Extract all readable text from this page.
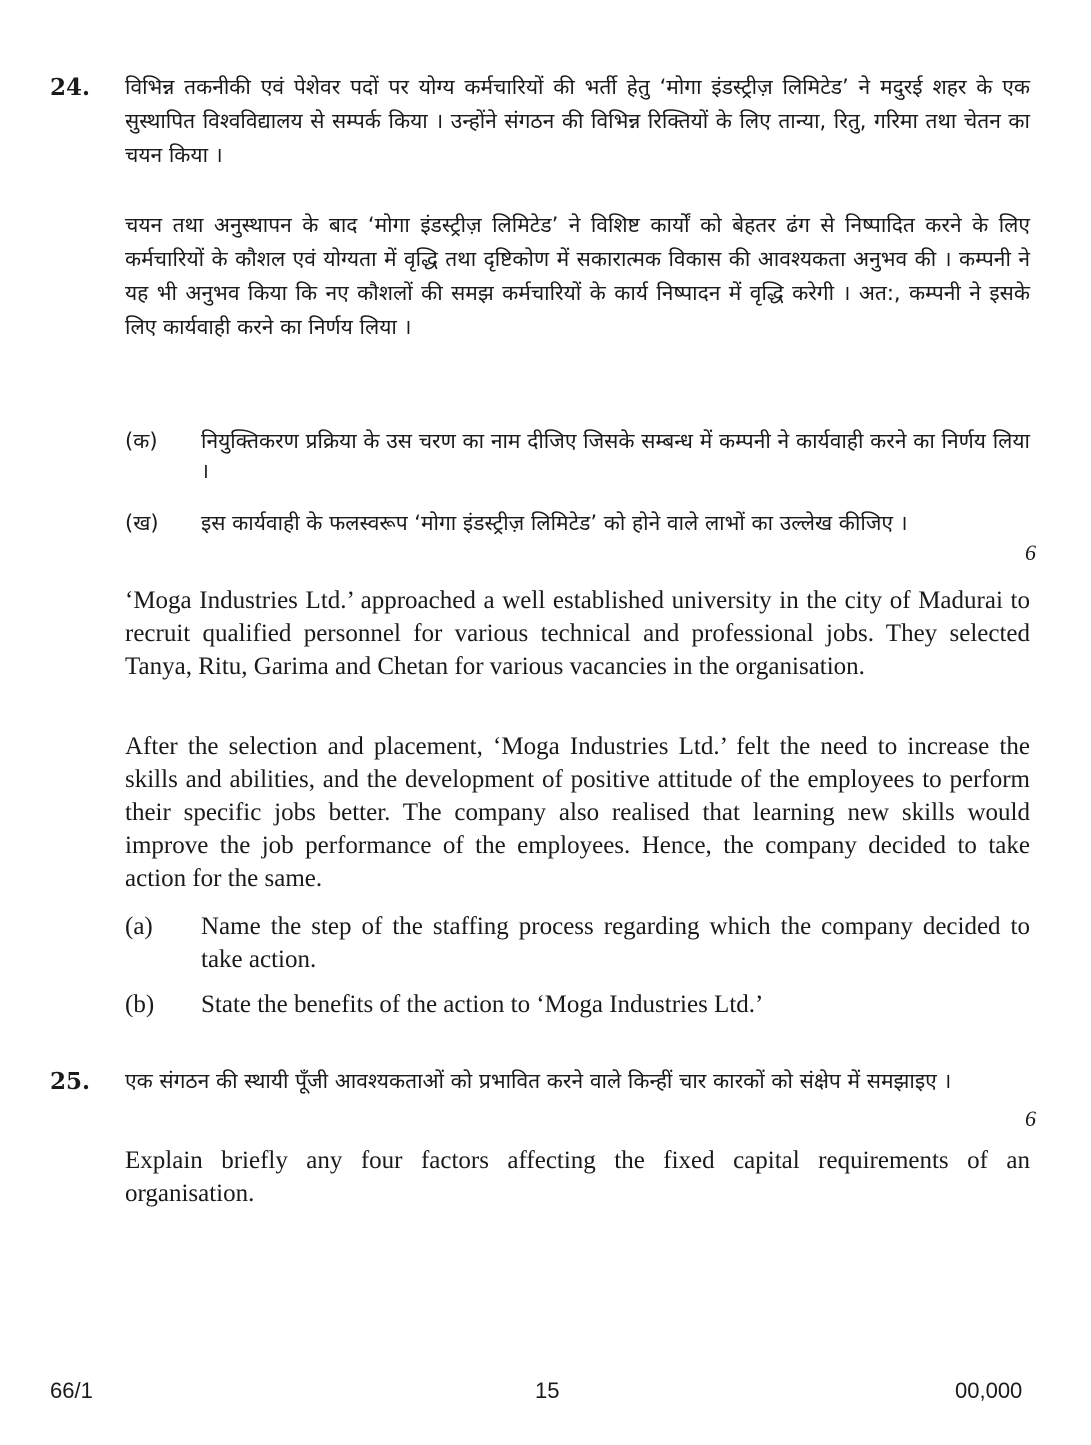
24. विभिन्न तकनीकी एवं पेशेवर पदों पर योग्य कर्मचारियों की भर्ती हेतु ‘मोगा इंडस्ट्रीज़ लिमिटेड’ ने मदुरई शहर के एक सुस्थापित विश्वविद्यालय से सम्पर्क किया । उन्होंने संगठन की विभिन्न रिक्तियों के लिए तान्या, रितु, गरिमा तथा चेतन का चयन किया ।

चयन तथा अनुस्थापन के बाद ‘मोगा इंडस्ट्रीज़ लिमिटेड’ ने विशिष्ट कार्यों को बेहतर ढंग से निष्पादित करने के लिए कर्मचारियों के कौशल एवं योग्यता में वृद्धि तथा दृष्टिकोण में सकारात्मक विकास की आवश्यकता अनुभव की । कम्पनी ने यह भी अनुभव किया कि नए कौशलों की समझ कर्मचारियों के कार्य निष्पादन में वृद्धि करेगी । अत:, कम्पनी ने इसके लिए कार्यवाही करने का निर्णय लिया ।

(क) नियुक्तिकरण प्रक्रिया के उस चरण का नाम दीजिए जिसके सम्बन्ध में कम्पनी ने कार्यवाही करने का निर्णय लिया ।

(ख) इस कार्यवाही के फलस्वरूप ‘मोगा इंडस्ट्रीज़ लिमिटेड’ को होने वाले लाभों का उल्लेख कीजिए ।

6

‘Moga Industries Ltd.’ approached a well established university in the city of Madurai to recruit qualified personnel for various technical and professional jobs. They selected Tanya, Ritu, Garima and Chetan for various vacancies in the organisation.

After the selection and placement, ‘Moga Industries Ltd.’ felt the need to increase the skills and abilities, and the development of positive attitude of the employees to perform their specific jobs better. The company also realised that learning new skills would improve the job performance of the employees. Hence, the company decided to take action for the same.

(a) Name the step of the staffing process regarding which the company decided to take action.

(b) State the benefits of the action to ‘Moga Industries Ltd.’

25. एक संगठन की स्थायी पूँजी आवश्यकताओं को प्रभावित करने वाले किन्हीं चार कारकों को संक्षेप में समझाइए ।

6

Explain briefly any four factors affecting the fixed capital requirements of an organisation.

66/1	15	00,000
